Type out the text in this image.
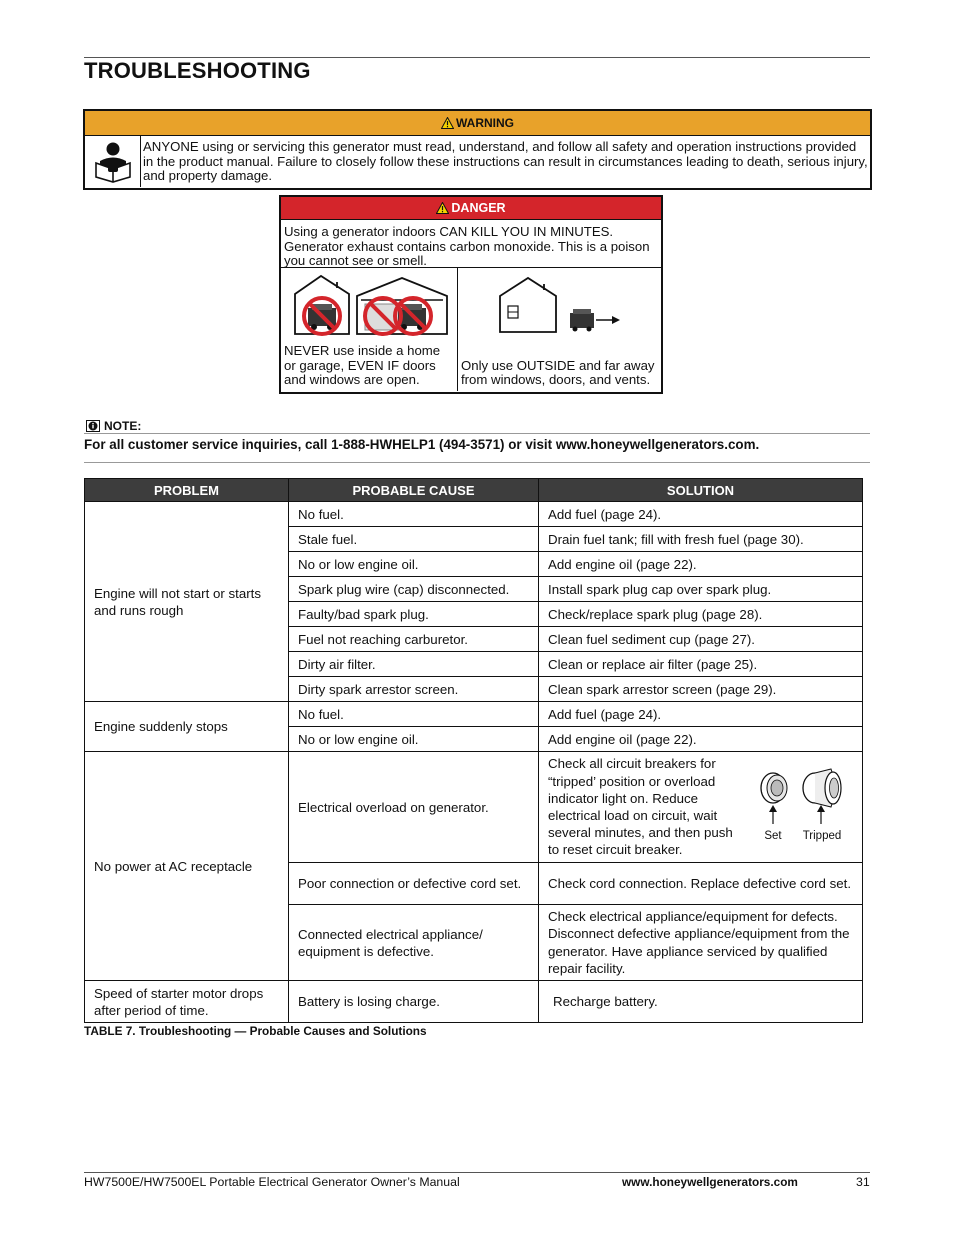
TROUBLESHOOTING
WARNING
ANYONE using or servicing this generator must read, understand, and follow all safety and operation instructions provided in the product manual. Failure to closely follow these instructions can result in circumstances leading to death, serious injury, and property damage.
DANGER
Using a generator indoors CAN KILL YOU IN MINUTES. Generator exhaust contains carbon monoxide. This is a poison you cannot see or smell.
NEVER use inside a home or garage, EVEN IF doors and windows are open.
Only use OUTSIDE and far away from windows, doors, and vents.
NOTE:
For all customer service inquiries, call 1-888-HWHELP1 (494-3571) or visit www.honeywellgenerators.com.
PROBLEM	PROBABLE CAUSE	SOLUTION
Engine will not start or starts and runs rough	No fuel.	Add fuel (page 24).
	Stale fuel.	Drain fuel tank; fill with fresh fuel (page 30).
	No or low engine oil.	Add engine oil (page 22).
	Spark plug wire (cap) disconnected.	Install spark plug cap over spark plug.
	Faulty/bad spark plug.	Check/replace spark plug (page 28).
	Fuel not reaching carburetor.	Clean fuel sediment cup (page 27).
	Dirty air filter.	Clean or replace air filter (page 25).
	Dirty spark arrestor screen.	Clean spark arrestor screen (page 29).
Engine suddenly stops	No fuel.	Add fuel (page 24).
	No or low engine oil.	Add engine oil (page 22).
No power at AC receptacle	Electrical overload on generator.	Check all circuit breakers for “tripped’ position or overload indicator light on. Reduce electrical load on circuit, wait several minutes, and then push to reset circuit breaker.
Set Tripped

	Poor connection or defective cord set.	Check cord connection. Replace defective cord set.
	Connected electrical appliance/ equipment is defective.	Check electrical appliance/equipment for defects. Disconnect defective appliance/equipment from the generator. Have appliance serviced by qualified repair facility.
Speed of starter motor drops after period of time.	Battery is losing charge.	Recharge battery.
TABLE 7. Troubleshooting — Probable Causes and Solutions
HW7500E/HW7500EL Portable Electrical Generator Owner’s Manual	www.honeywellgenerators.com	31
